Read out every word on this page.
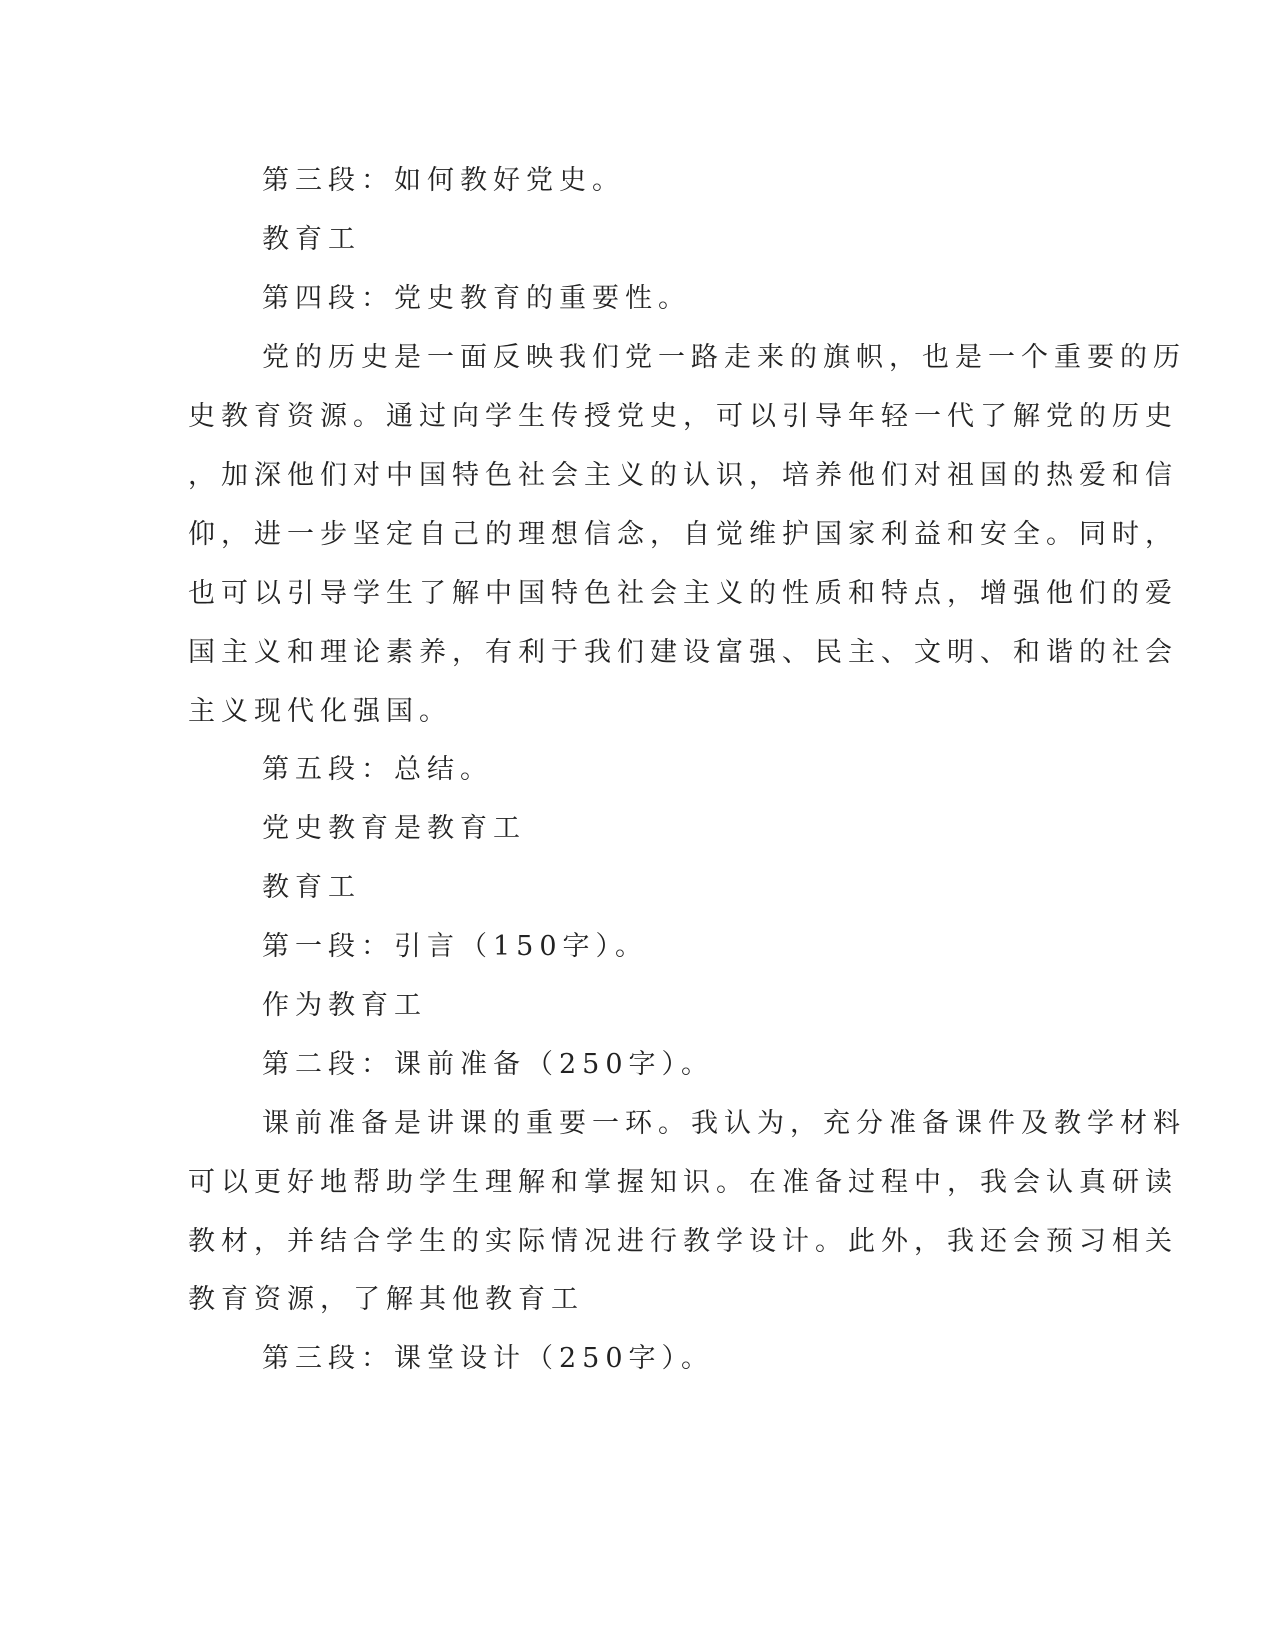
第三段：如何教好党史。
教育工
第四段：党史教育的重要性。
党的历史是一面反映我们党一路走来的旗帜，也是一个重要的历
史教育资源。通过向学生传授党史，可以引导年轻一代了解党的历史
，加深他们对中国特色社会主义的认识，培养他们对祖国的热爱和信
仰，进一步坚定自己的理想信念，自觉维护国家利益和安全。同时，
也可以引导学生了解中国特色社会主义的性质和特点，增强他们的爱
国主义和理论素养，有利于我们建设富强、民主、文明、和谐的社会
主义现代化强国。
第五段：总结。
党史教育是教育工
教育工
第一段：引言（150字）。
作为教育工
第二段：课前准备（250字）。
课前准备是讲课的重要一环。我认为，充分准备课件及教学材料
可以更好地帮助学生理解和掌握知识。在准备过程中，我会认真研读
教材，并结合学生的实际情况进行教学设计。此外，我还会预习相关
教育资源，了解其他教育工
第三段：课堂设计（250字）。
